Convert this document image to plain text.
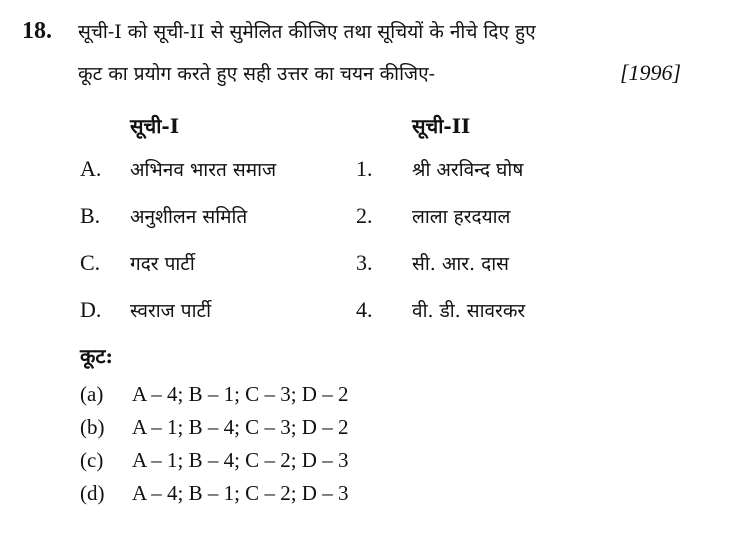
18. सूची-I को सूची-II से सुमेलित कीजिए तथा सूचियों के नीचे दिए हुए
कूट का प्रयोग करते हुए सही उत्तर का चयन कीजिए-	[1996]
सूची-I	सूची-II
A. अभिनव भारत समाज	1. श्री अरविन्द घोष
B. अनुशीलन समिति	2. लाला हरदयाल
C. गदर पार्टी	3. सी. आर. दास
D. स्वराज पार्टी	4. वी. डी. सावरकर
कूट:
(a) A – 4; B – 1; C – 3; D – 2
(b) A – 1; B – 4; C – 3; D – 2
(c) A – 1; B – 4; C – 2; D – 3
(d) A – 4; B – 1; C – 2; D – 3
